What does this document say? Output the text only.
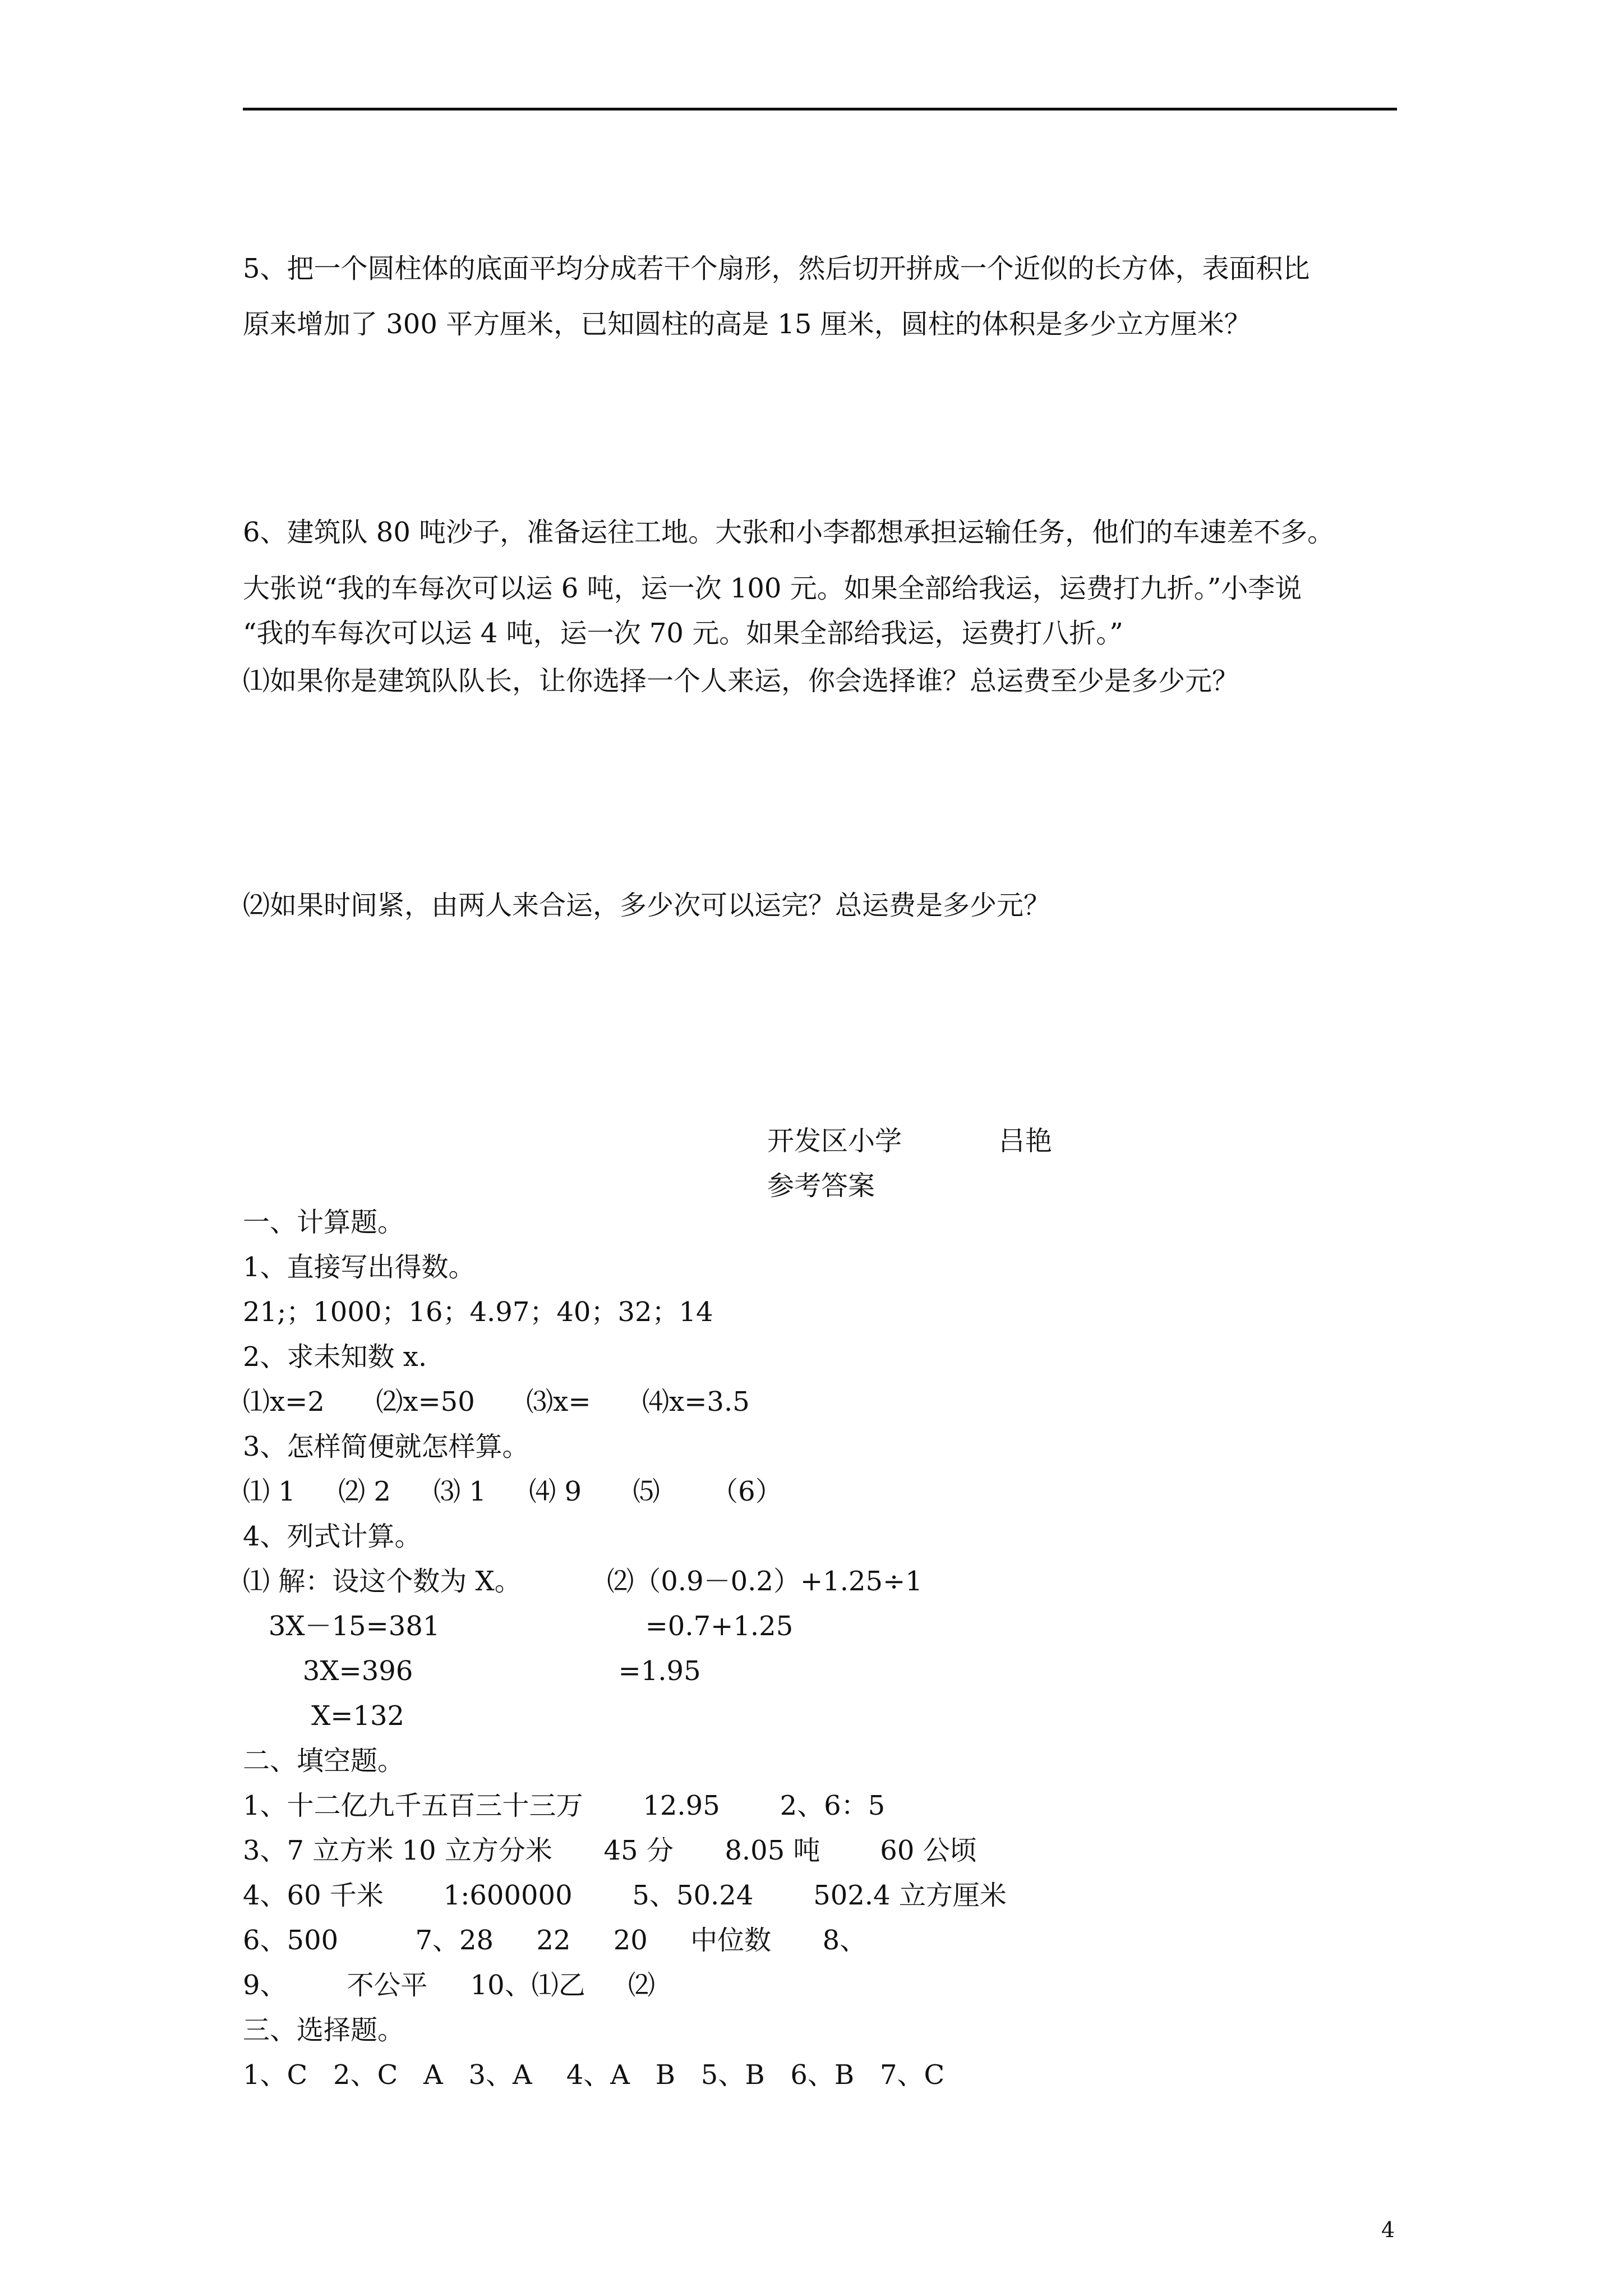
5、把一个圆柱体的底面平均分成若干个扇形，然后切开拼成一个近似的长方体，表面积比
原来增加了 300 平方厘米，已知圆柱的高是 15 厘米，圆柱的体积是多少立方厘米？
6、建筑队 80 吨沙子，准备运往工地。大张和小李都想承担运输任务，他们的车速差不多。
大张说“我的车每次可以运 6 吨，运一次 100 元。如果全部给我运，运费打九折。”小李说
“我的车每次可以运 4 吨，运一次 70 元。如果全部给我运，运费打八折。”
⑴如果你是建筑队队长，让你选择一个人来运，你会选择谁？总运费至少是多少元？
⑵如果时间紧，由两人来合运，多少次可以运完？总运费是多少元？
开发区小学	吕艳
参考答案
一、计算题。
1、直接写出得数。
21;；1000；16；4.97；40；32；14
2、求未知数 x.
⑴x=2      ⑵x=50      ⑶x=      ⑷x=3.5
3、怎样简便就怎样算。
⑴ 1     ⑵ 2     ⑶ 1     ⑷ 9      ⑸      （6）
4、列式计算。
⑴ 解：设这个数为 X。          ⑵（0.9－0.2）+1.25÷1
3X－15=381                        =0.7+1.25
3X=396                        =1.95
X=132
二、填空题。
1、十二亿九千五百三十三万       12.95       2、6：5
3、7 立方米 10 立方分米      45 分      8.05 吨       60 公顷
4、60 千米       1:600000       5、50.24       502.4 立方厘米
6、500         7、28     22     20     中位数      8、
9、       不公平     10、⑴乙     ⑵
三、选择题。
1、C   2、C   A   3、A    4、A   B   5、B   6、B   7、C
4
